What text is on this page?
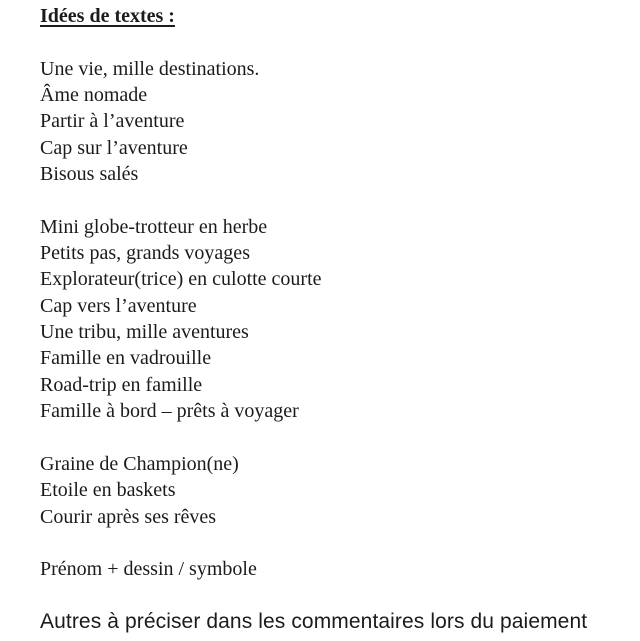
Idées de textes :
Une vie, mille destinations.
Âme nomade
Partir à l’aventure
Cap sur l’aventure
Bisous salés
Mini globe-trotteur en herbe
Petits pas, grands voyages
Explorateur(trice) en culotte courte
Cap vers l’aventure
Une tribu, mille aventures
Famille en vadrouille
Road-trip en famille
Famille à bord – prêts à voyager
Graine de Champion(ne)
Etoile en baskets
Courir après ses rêves
Prénom + dessin / symbole
Autres à préciser dans les commentaires lors du paiement
